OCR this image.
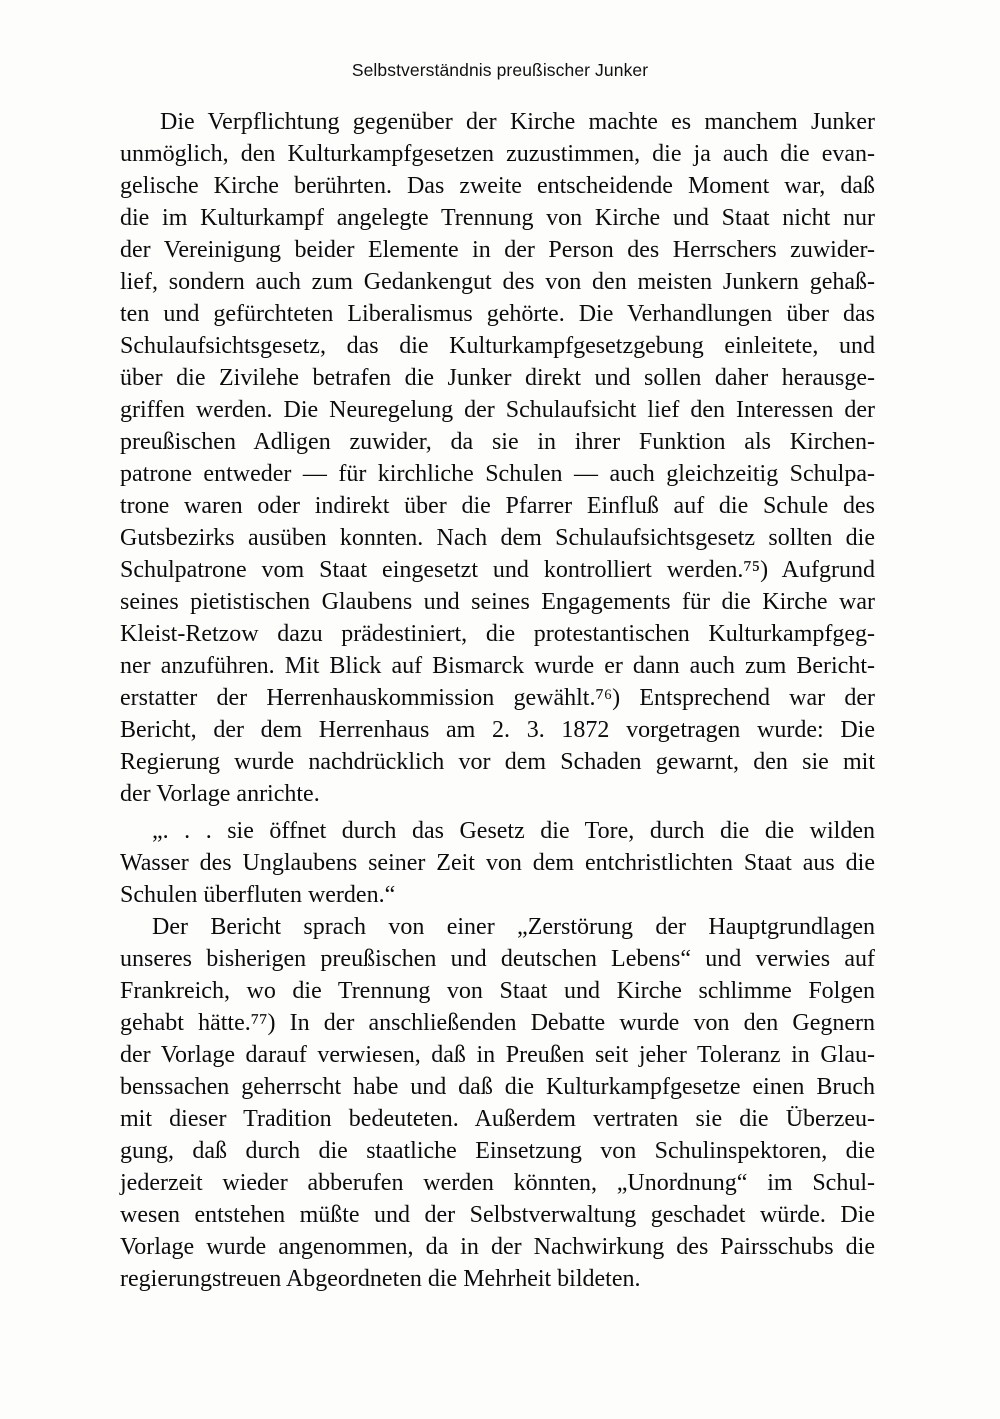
Selbstverständnis preußischer Junker
Die Verpflichtung gegenüber der Kirche machte es manchem Junker
unmöglich, den Kulturkampfgesetzen zuzustimmen, die ja auch die evan-
gelische Kirche berührten. Das zweite entscheidende Moment war, daß
die im Kulturkampf angelegte Trennung von Kirche und Staat nicht nur
der Vereinigung beider Elemente in der Person des Herrschers zuwider-
lief, sondern auch zum Gedankengut des von den meisten Junkern gehaß-
ten und gefürchteten Liberalismus gehörte. Die Verhandlungen über das
Schulaufsichtsgesetz, das die Kulturkampfgesetzgebung einleitete, und
über die Zivilehe betrafen die Junker direkt und sollen daher herausge-
griffen werden. Die Neuregelung der Schulaufsicht lief den Interessen der
preußischen Adligen zuwider, da sie in ihrer Funktion als Kirchen-
patrone entweder — für kirchliche Schulen — auch gleichzeitig Schulpa-
trone waren oder indirekt über die Pfarrer Einfluß auf die Schule des
Gutsbezirks ausüben konnten. Nach dem Schulaufsichtsgesetz sollten die
Schulpatrone vom Staat eingesetzt und kontrolliert werden.⁷⁵) Aufgrund
seines pietistischen Glaubens und seines Engagements für die Kirche war
Kleist-Retzow dazu prädestiniert, die protestantischen Kulturkampfgeg-
ner anzuführen. Mit Blick auf Bismarck wurde er dann auch zum Bericht-
erstatter der Herrenhauskommission gewählt.⁷⁶) Entsprechend war der
Bericht, der dem Herrenhaus am 2. 3. 1872 vorgetragen wurde: Die
Regierung wurde nachdrücklich vor dem Schaden gewarnt, den sie mit
der Vorlage anrichte.
„. . . sie öffnet durch das Gesetz die Tore, durch die die wilden
Wasser des Unglaubens seiner Zeit von dem entchristlichten Staat aus die
Schulen überfluten werden.“
Der Bericht sprach von einer „Zerstörung der Hauptgrundlagen
unseres bisherigen preußischen und deutschen Lebens“ und verwies auf
Frankreich, wo die Trennung von Staat und Kirche schlimme Folgen
gehabt hätte.⁷⁷) In der anschließenden Debatte wurde von den Gegnern
der Vorlage darauf verwiesen, daß in Preußen seit jeher Toleranz in Glau-
benssachen geherrscht habe und daß die Kulturkampfgesetze einen Bruch
mit dieser Tradition bedeuteten. Außerdem vertraten sie die Überzeu-
gung, daß durch die staatliche Einsetzung von Schulinspektoren, die
jederzeit wieder abberufen werden könnten, „Unordnung“ im Schul-
wesen entstehen müßte und der Selbstverwaltung geschadet würde. Die
Vorlage wurde angenommen, da in der Nachwirkung des Pairsschubs die
regierungstreuen Abgeordneten die Mehrheit bildeten.
